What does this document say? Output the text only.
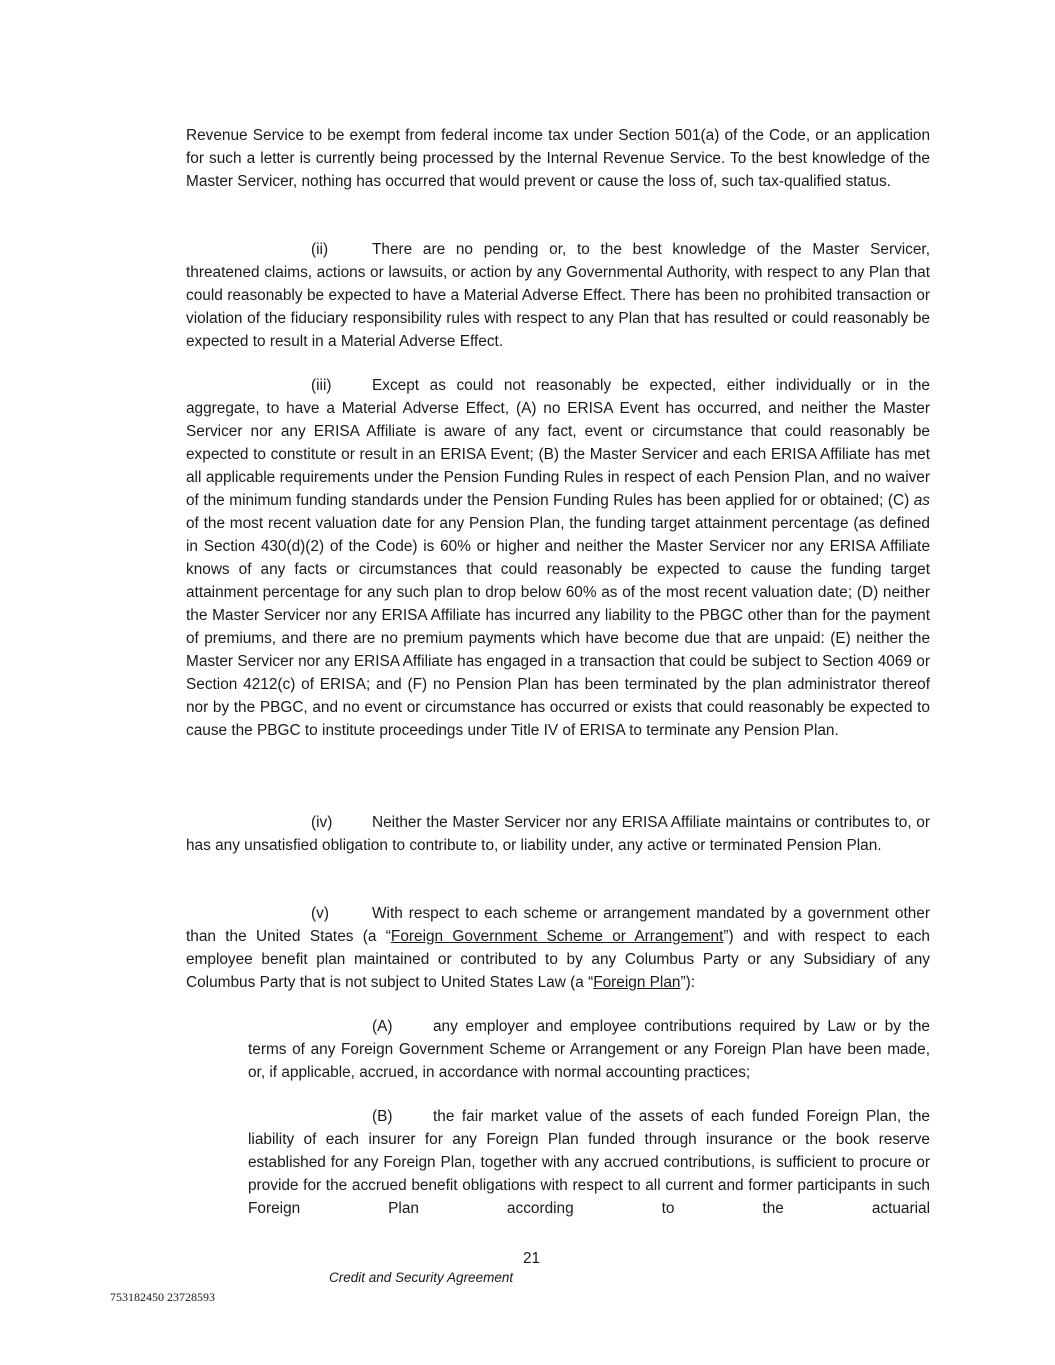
Revenue Service to be exempt from federal income tax under Section 501(a) of the Code, or an application for such a letter is currently being processed by the Internal Revenue Service. To the best knowledge of the Master Servicer, nothing has occurred that would prevent or cause the loss of, such tax-qualified status.

(ii)	There are no pending or, to the best knowledge of the Master Servicer, threatened claims, actions or lawsuits, or action by any Governmental Authority, with respect to any Plan that could reasonably be expected to have a Material Adverse Effect. There has been no prohibited transaction or violation of the fiduciary responsibility rules with respect to any Plan that has resulted or could reasonably be expected to result in a Material Adverse Effect.

(iii)	Except as could not reasonably be expected, either individually or in the aggregate, to have a Material Adverse Effect, (A) no ERISA Event has occurred, and neither the Master Servicer nor any ERISA Affiliate is aware of any fact, event or circumstance that could reasonably be expected to constitute or result in an ERISA Event; (B) the Master Servicer and each ERISA Affiliate has met all applicable requirements under the Pension Funding Rules in respect of each Pension Plan, and no waiver of the minimum funding standards under the Pension Funding Rules has been applied for or obtained; (C) as of the most recent valuation date for any Pension Plan, the funding target attainment percentage (as defined in Section 430(d)(2) of the Code) is 60% or higher and neither the Master Servicer nor any ERISA Affiliate knows of any facts or circumstances that could reasonably be expected to cause the funding target attainment percentage for any such plan to drop below 60% as of the most recent valuation date; (D) neither the Master Servicer nor any ERISA Affiliate has incurred any liability to the PBGC other than for the payment of premiums, and there are no premium payments which have become due that are unpaid: (E) neither the Master Servicer nor any ERISA Affiliate has engaged in a transaction that could be subject to Section 4069 or Section 4212(c) of ERISA; and (F) no Pension Plan has been terminated by the plan administrator thereof nor by the PBGC, and no event or circumstance has occurred or exists that could reasonably be expected to cause the PBGC to institute proceedings under Title IV of ERISA to terminate any Pension Plan.

(iv)	Neither the Master Servicer nor any ERISA Affiliate maintains or contributes to, or has any unsatisfied obligation to contribute to, or liability under, any active or terminated Pension Plan.

(v)	With respect to each scheme or arrangement mandated by a government other than the United States (a “Foreign Government Scheme or Arrangement”) and with respect to each employee benefit plan maintained or contributed to by any Columbus Party or any Subsidiary of any Columbus Party that is not subject to United States Law (a “Foreign Plan”):

(A)	any employer and employee contributions required by Law or by the terms of any Foreign Government Scheme or Arrangement or any Foreign Plan have been made, or, if applicable, accrued, in accordance with normal accounting practices;

(B)	the fair market value of the assets of each funded Foreign Plan, the liability of each insurer for any Foreign Plan funded through insurance or the book reserve established for any Foreign Plan, together with any accrued contributions, is sufficient to procure or provide for the accrued benefit obligations with respect to all current and former participants in such Foreign Plan according to the actuarial

21
Credit and Security Agreement
753182450 23728593
